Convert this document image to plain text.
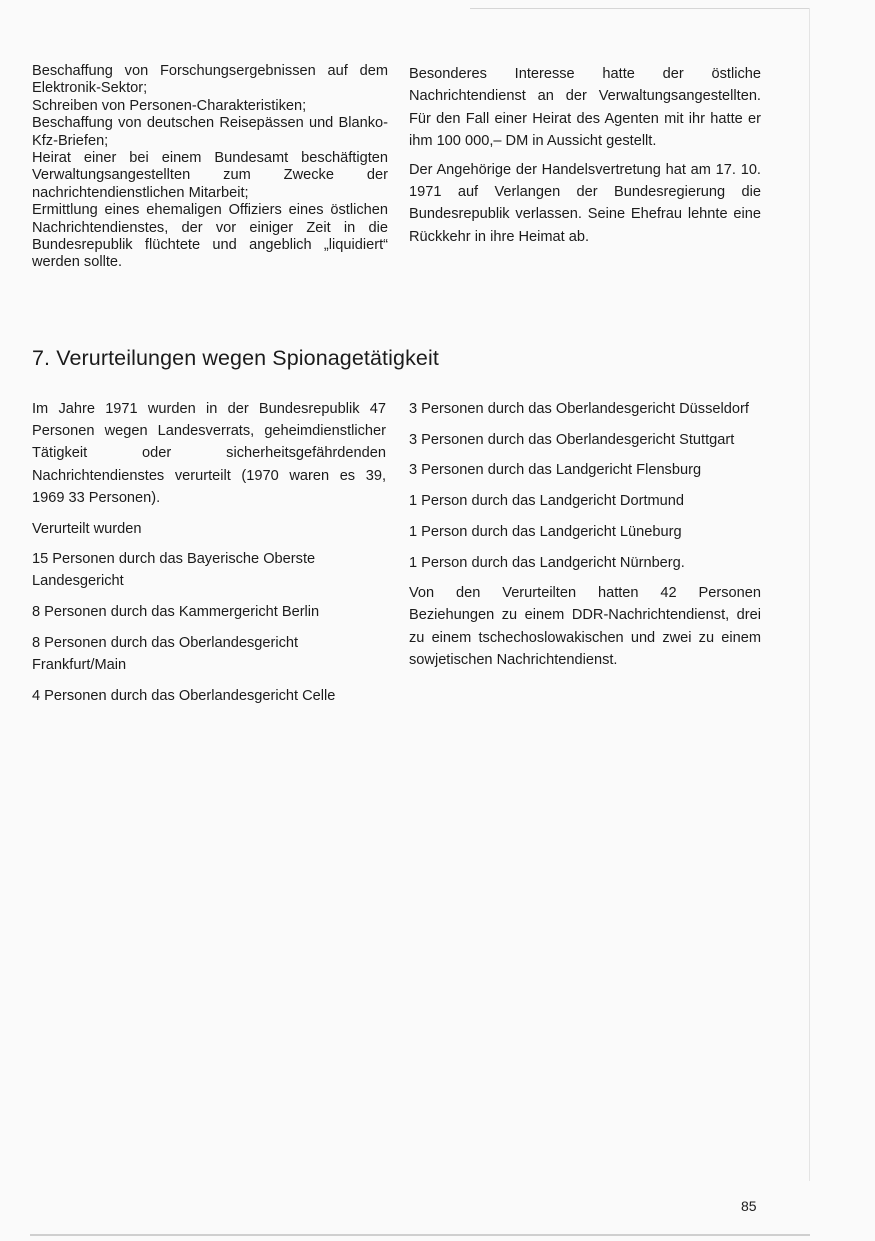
Beschaffung von Forschungsergebnissen auf dem Elektronik-Sektor;

Schreiben von Personen-Charakteristiken;

Beschaffung von deutschen Reisepässen und Blanko-Kfz-Briefen;

Heirat einer bei einem Bundesamt beschäftigten Verwaltungsangestellten zum Zwecke der nachrichtendienstlichen Mitarbeit;

Ermittlung eines ehemaligen Offiziers eines östlichen Nachrichtendienstes, der vor einiger Zeit in die Bundesrepublik flüchtete und angeblich „liquidiert“ werden sollte.

Besonderes Interesse hatte der östliche Nachrichtendienst an der Verwaltungsangestellten. Für den Fall einer Heirat des Agenten mit ihr hatte er ihm 100 000,– DM in Aussicht gestellt.

Der Angehörige der Handelsvertretung hat am 17. 10. 1971 auf Verlangen der Bundesregierung die Bundesrepublik verlassen. Seine Ehefrau lehnte eine Rückkehr in ihre Heimat ab.

7. Verurteilungen wegen Spionagetätigkeit

Im Jahre 1971 wurden in der Bundesrepublik 47 Personen wegen Landesverrats, geheimdienstlicher Tätigkeit oder sicherheitsgefährdenden Nachrichtendienstes verurteilt (1970 waren es 39, 1969 33 Personen).

Verurteilt wurden

15 Personen durch das Bayerische Oberste Landesgericht

8 Personen durch das Kammergericht Berlin

8 Personen durch das Oberlandesgericht Frankfurt/Main

4 Personen durch das Oberlandesgericht Celle

3 Personen durch das Oberlandesgericht Düsseldorf

3 Personen durch das Oberlandesgericht Stuttgart

3 Personen durch das Landgericht Flensburg

1 Person durch das Landgericht Dortmund

1 Person durch das Landgericht Lüneburg

1 Person durch das Landgericht Nürnberg.

Von den Verurteilten hatten 42 Personen Beziehungen zu einem DDR-Nachrichtendienst, drei zu einem tschechoslowakischen und zwei zu einem sowjetischen Nachrichtendienst.

85
